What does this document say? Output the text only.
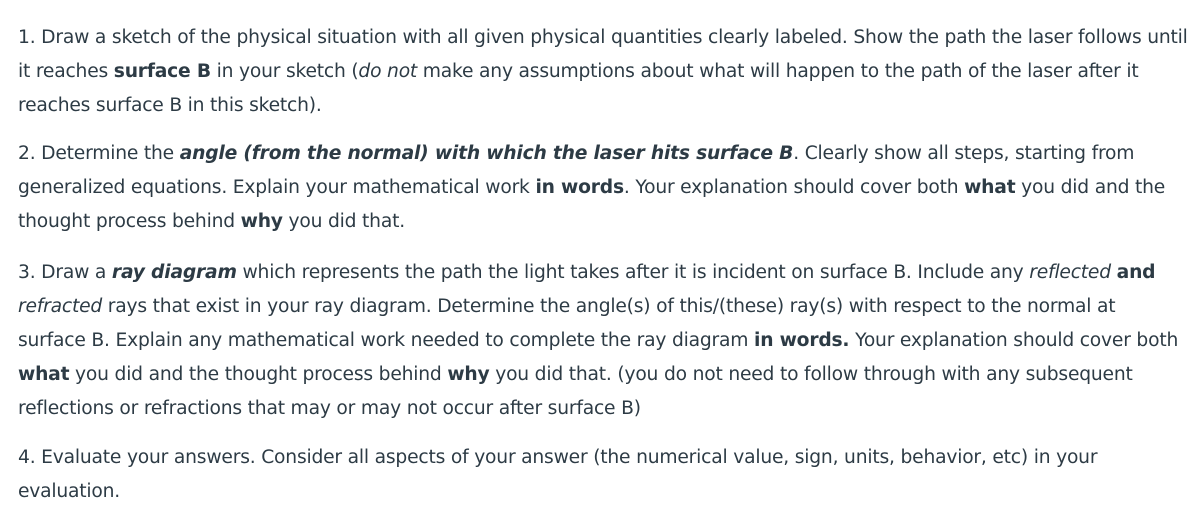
1. Draw a sketch of the physical situation with all given physical quantities clearly labeled. Show the path the laser follows until it reaches surface B in your sketch (do not make any assumptions about what will happen to the path of the laser after it reaches surface B in this sketch).

2. Determine the angle (from the normal) with which the laser hits surface B. Clearly show all steps, starting from generalized equations. Explain your mathematical work in words. Your explanation should cover both what you did and the thought process behind why you did that.

3. Draw a ray diagram which represents the path the light takes after it is incident on surface B. Include any reflected and refracted rays that exist in your ray diagram. Determine the angle(s) of this/(these) ray(s) with respect to the normal at surface B. Explain any mathematical work needed to complete the ray diagram in words. Your explanation should cover both what you did and the thought process behind why you did that. (you do not need to follow through with any subsequent reflections or refractions that may or may not occur after surface B)

4. Evaluate your answers. Consider all aspects of your answer (the numerical value, sign, units, behavior, etc) in your evaluation.
